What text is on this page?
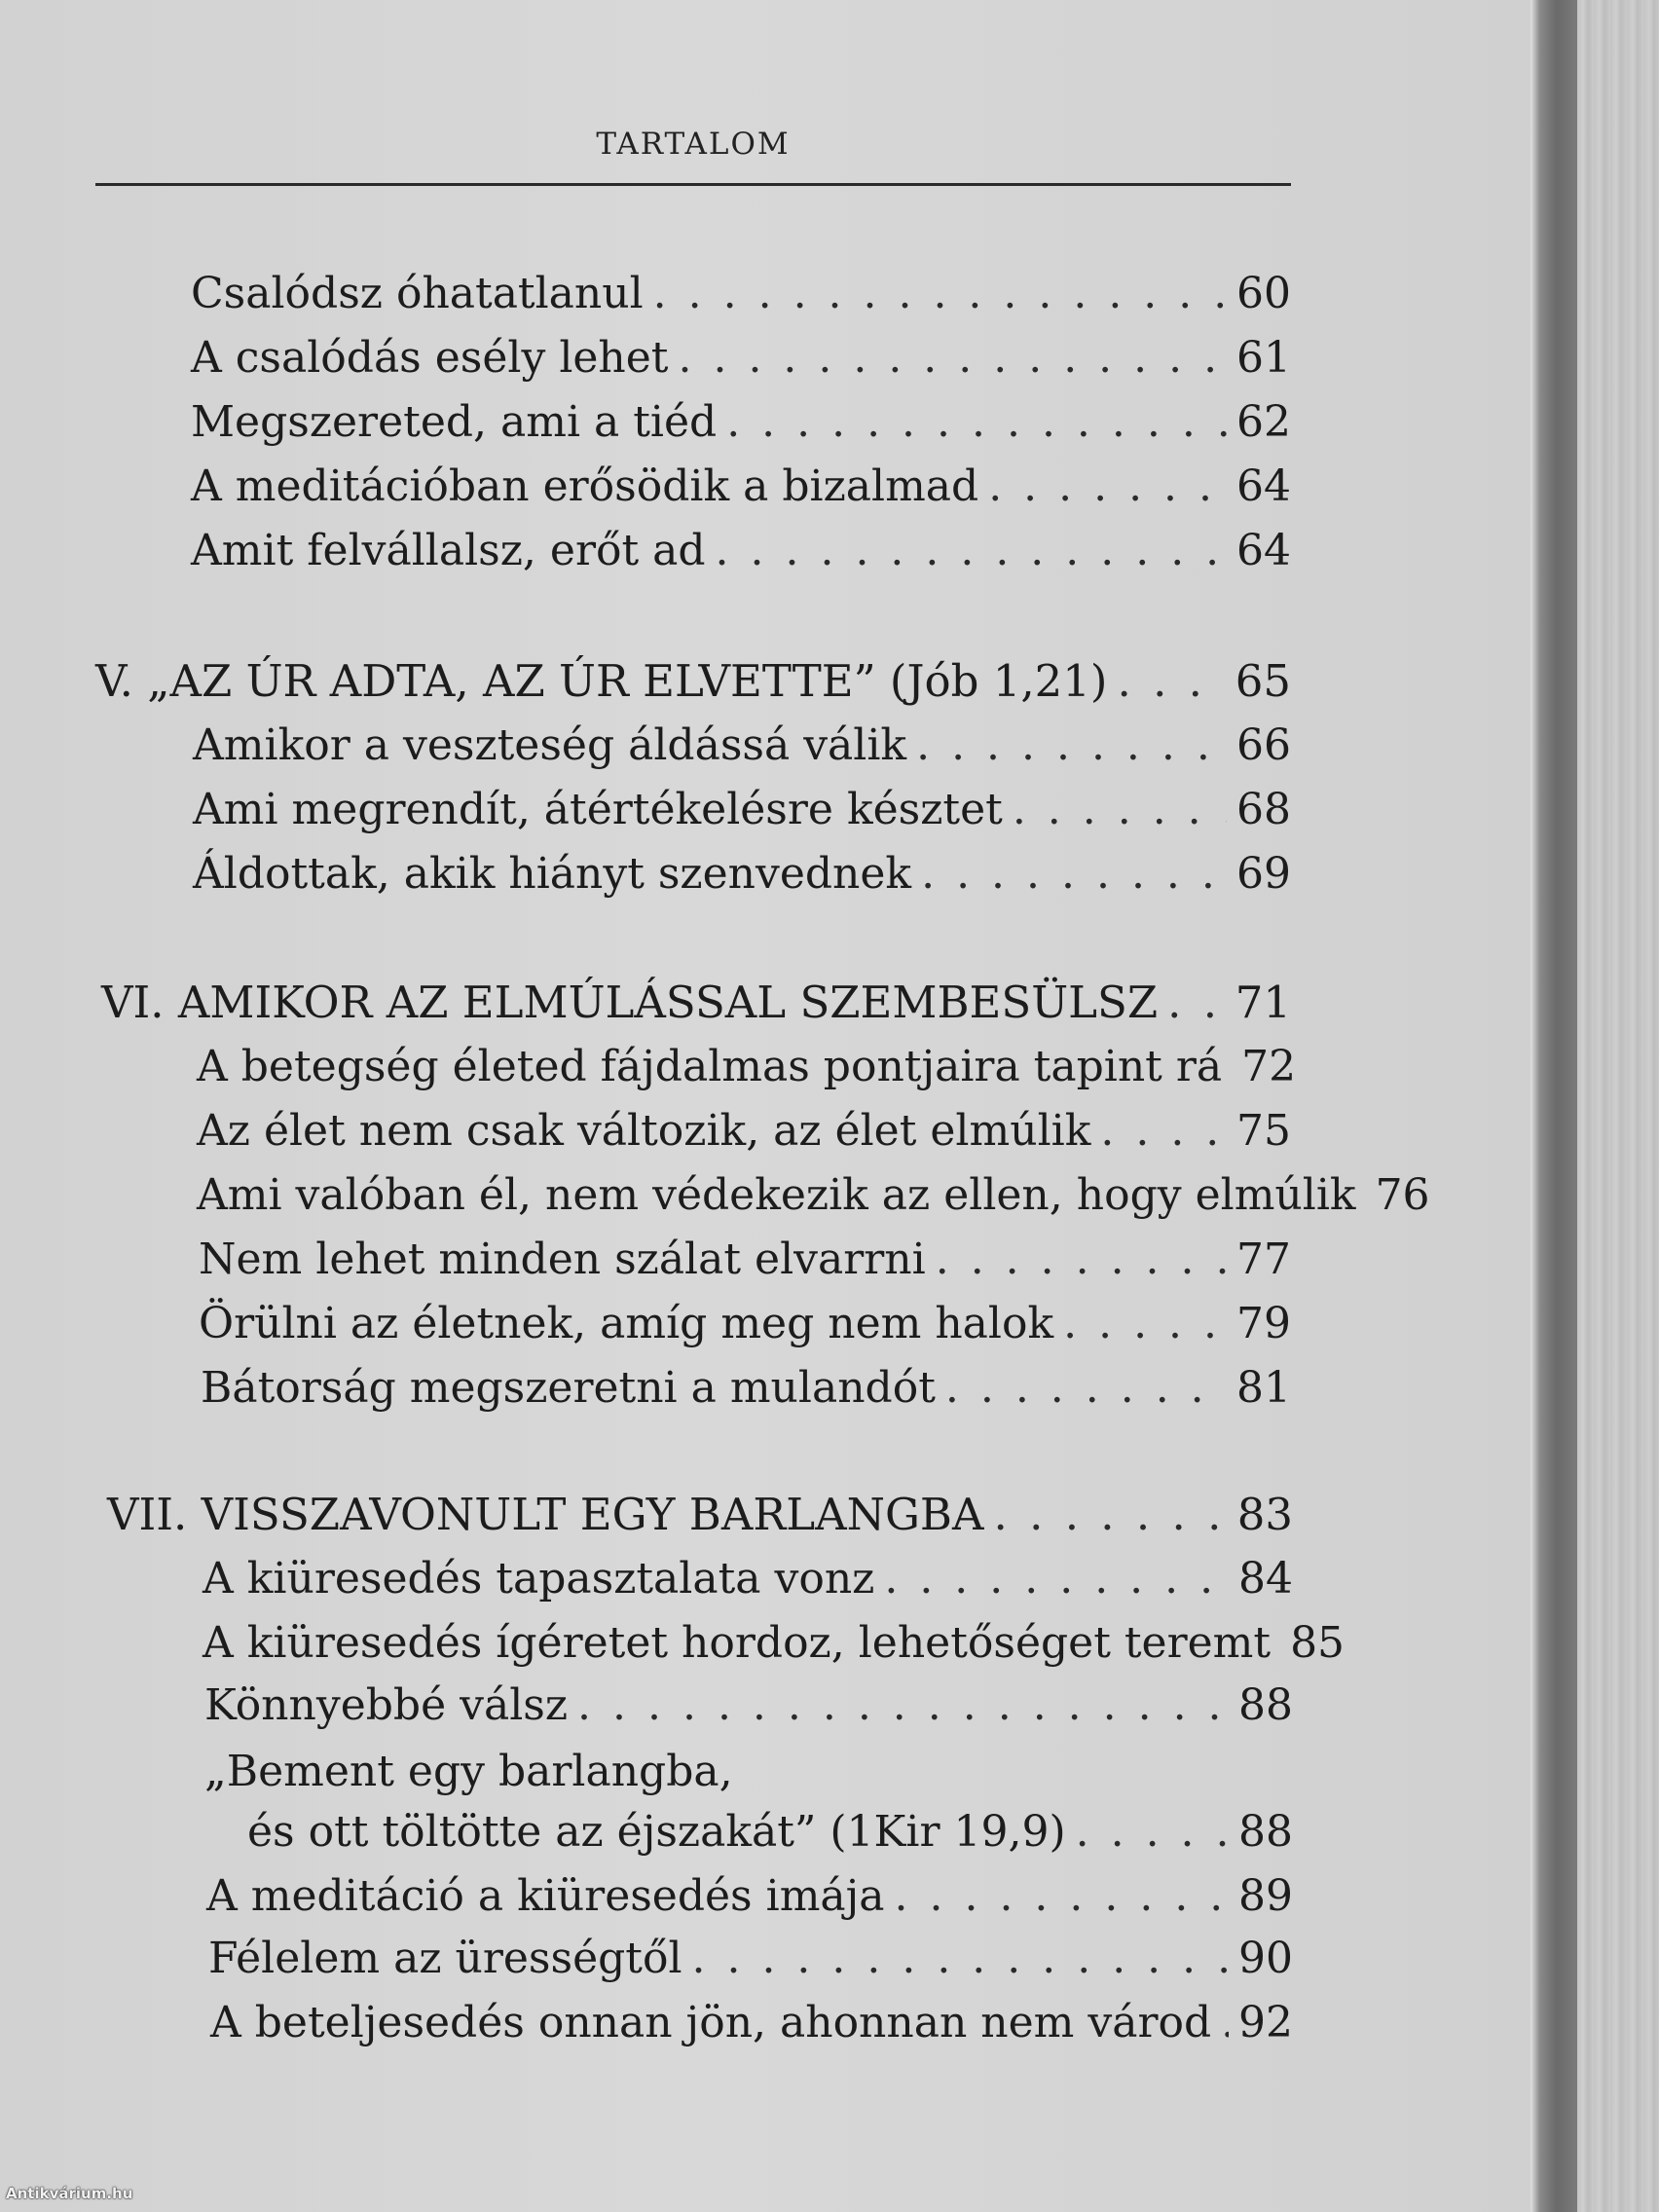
TARTALOM
Csalódsz óhatatlanul . . .	60
A csalódás esély lehet . . .	61
Megszereted, ami a tiéd . . .	62
A meditációban erősödik a bizalmad . . .	64
Amit felvállalsz, erőt ad . . .	64
V. „AZ ÚR ADTA, AZ ÚR ELVETTE” (Jób 1,21) . . .	65
Amikor a veszteség áldássá válik . . .	66
Ami megrendít, átértékelésre késztet . . .	68
Áldottak, akik hiányt szenvednek . . .	69
VI. AMIKOR AZ ELMÚLÁSSAL SZEMBESÜLSZ . . . 71
A betegség életed fájdalmas pontjaira tapint rá 72
Az élet nem csak változik, az élet elmúlik . . .	75
Ami valóban él, nem védekezik az ellen, hogy elmúlik 76
Nem lehet minden szálat elvarrni . . .	77
Örülni az életnek, amíg meg nem halok . . .	79
Bátorság megszeretni a mulandót . . .	81
VII. VISSZAVONULT EGY BARLANGBA . . .	83
A kiüresedés tapasztalata vonz . . .	84
A kiüresedés ígéretet hordoz, lehetőséget teremt 85
Könnyebbé válsz . . .	88
„Bement egy barlangba,
és ott töltötte az éjszakát” (1Kir 19,9) . . .	88
A meditáció a kiüresedés imája . . .	89
Félelem az ürességtől . . .	90
A beteljesedés onnan jön, ahonnan nem várod . . . 92
Antikvárium.hu
